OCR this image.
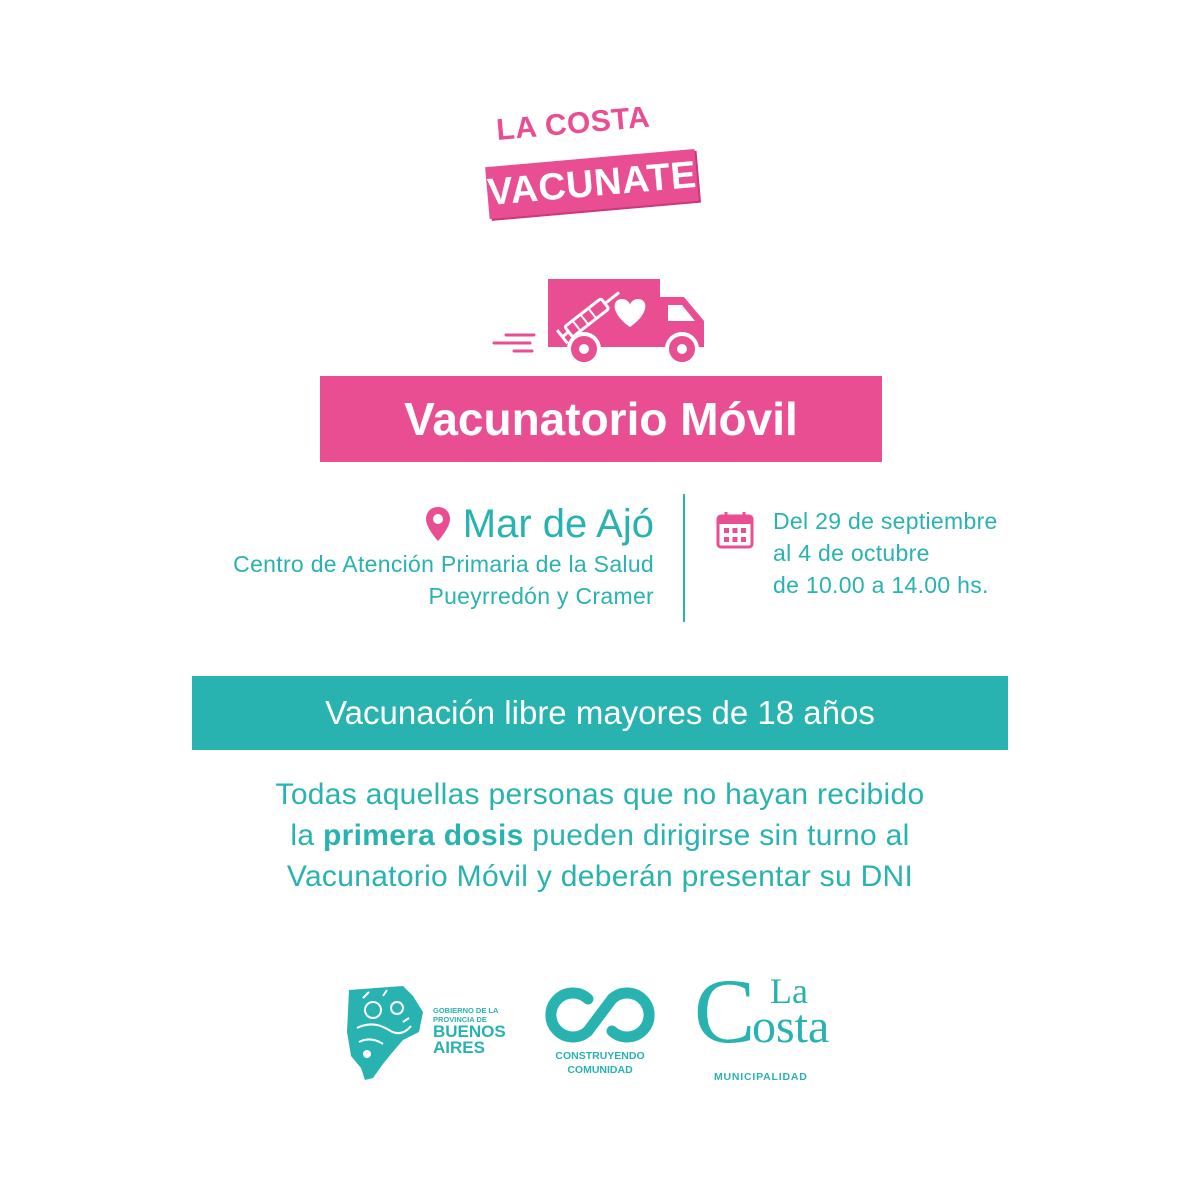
LA COSTA
VACUNATE
Vacunatorio Móvil
Mar de Ajó
Centro de Atención Primaria de la Salud
Pueyrredón y Cramer
Del 29 de septiembre
al 4 de octubre
de 10.00 a 14.00 hs.
Vacunación libre mayores de 18 años
Todas aquellas personas que no hayan recibido
la primera dosis pueden dirigirse sin turno al
Vacunatorio Móvil y deberán presentar su DNI
GOBIERNO DE LA
PROVINCIA DE
BUENOS
AIRES	CONSTRUYENDO
COMUNIDAD
C La
osta
MUNICIPALIDAD
